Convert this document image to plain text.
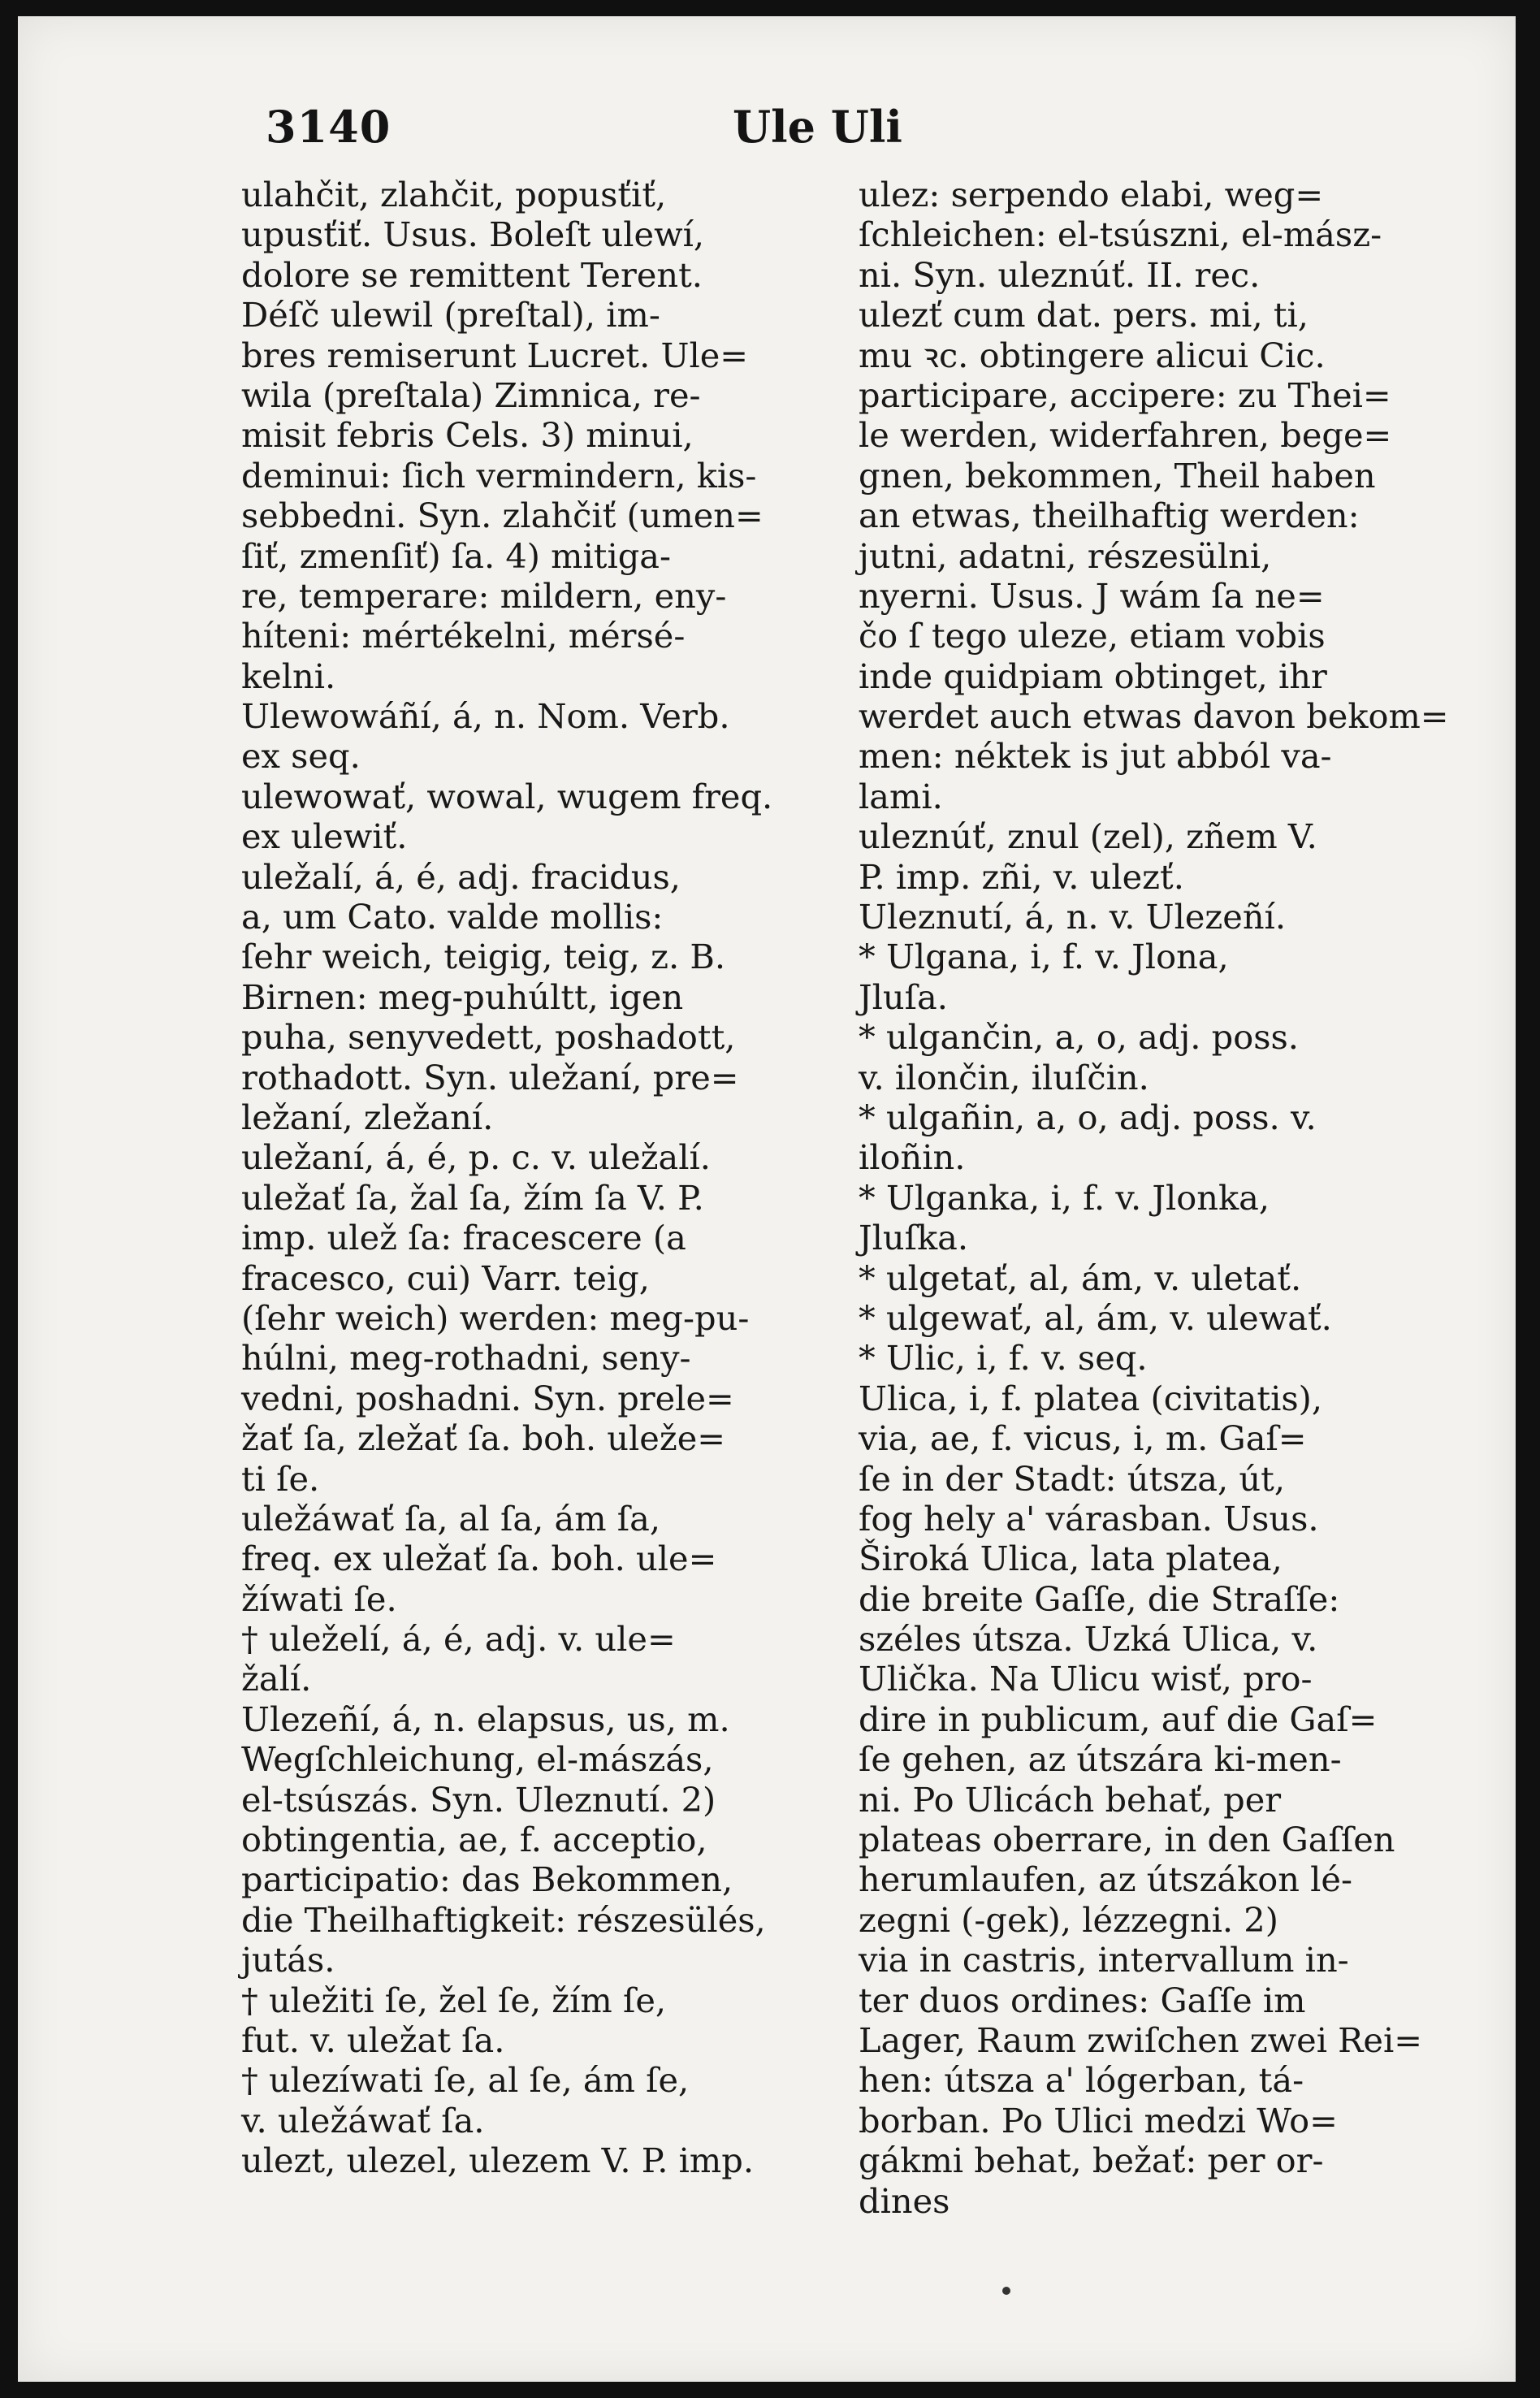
3140	Ule Uli
ulahčit, zlahčit, popusťiť,
upusťiť. Usus. Boleſt ulewí,
dolore se remittent Terent.
Déſč ulewil (preſtal), im-
bres remiserunt Lucret. Ule=
wila (preſtala) Zimnica, re-
misit febris Cels. 3) minui,
deminui: ſich vermindern, kis-
sebbedni. Syn. zlahčiť (umen=
ſiť, zmenſiť) ſa. 4) mitiga-
re, temperare: mildern, eny-
híteni: mértékelni, mérsé-
kelni.
Ulewowáñí, á, n. Nom. Verb.
ex seq.
ulewowať, wowal, wugem freq.
ex ulewiť.
uležalí, á, é, adj. fracidus,
a, um Cato. valde mollis:
ſehr weich, teigig, teig, z. B.
Birnen: meg-puhúltt, igen
puha, senyvedett, poshadott,
rothadott. Syn. uležaní, pre=
ležaní, zležaní.
uležaní, á, é, p. c. v. uležalí.
uležať ſa, žal ſa, žím ſa V. P.
imp. ulež ſa: fracescere (a
fracesco, cui) Varr. teig,
(ſehr weich) werden: meg-pu-
húlni, meg-rothadni, seny-
vedni, poshadni. Syn. prele=
žať ſa, zležať ſa. boh. uleže=
ti ſe.
uležáwať ſa, al ſa, ám ſa,
freq. ex uležať ſa. boh. ule=
žíwati ſe.
† uleželí, á, é, adj. v. ule=
žalí.
Ulezeñí, á, n. elapsus, us, m.
Wegſchleichung, el-mászás,
el-tsúszás. Syn. Uleznutí. 2)
obtingentia, ae, f. acceptio,
participatio: das Bekommen,
die Theilhaftigkeit: részesülés,
jutás.
† uležiti ſe, žel ſe, žím ſe,
fut. v. uležat ſa.
† ulezíwati ſe, al ſe, ám ſe,
v. uležáwať ſa.
ulezt, ulezel, ulezem V. P. imp.
ulez: serpendo elabi, weg=
ſchleichen: el-tsúszni, el-mász-
ni. Syn. uleznúť. II. rec.
ulezť cum dat. pers. mi, ti,
mu ꝛc. obtingere alicui Cic.
participare, accipere: zu Thei=
le werden, widerfahren, bege=
gnen, bekommen, Theil haben
an etwas, theilhaftig werden:
jutni, adatni, részesülni,
nyerni. Usus. J wám ſa ne=
čo ſ tego uleze, etiam vobis
inde quidpiam obtinget, ihr
werdet auch etwas davon bekom=
men: néktek is jut abból va-
lami.
uleznúť, znul (zel), zñem V.
P. imp. zñi, v. ulezť.
Uleznutí, á, n. v. Ulezeñí.
* Ulgana, i, f. v. Jlona,
Jluſa.
* ulgančin, a, o, adj. poss.
v. ilončin, iluſčin.
* ulgañin, a, o, adj. poss. v.
iloñin.
* Ulganka, i, f. v. Jlonka,
Jluſka.
* ulgetať, al, ám, v. uletať.
* ulgewať, al, ám, v. ulewať.
* Ulic, i, f. v. seq.
Ulica, i, f. platea (civitatis),
via, ae, f. vicus, i, m. Gaſ=
ſe in der Stadt: útsza, út,
fog hely a' várasban. Usus.
Široká Ulica, lata platea,
die breite Gaſſe, die Straſſe:
széles útsza. Uzká Ulica, v.
Ulička. Na Ulicu wisť, pro-
dire in publicum, auf die Gaſ=
ſe gehen, az útszára ki-men-
ni. Po Ulicách behať, per
plateas oberrare, in den Gaſſen
herumlaufen, az útszákon lé-
zegni (-gek), lézzegni. 2)
via in castris, intervallum in-
ter duos ordines: Gaſſe im
Lager, Raum zwiſchen zwei Rei=
hen: útsza a' lógerban, tá-
borban. Po Ulici medzi Wo=
gákmi behat, bežať: per or-
dines
